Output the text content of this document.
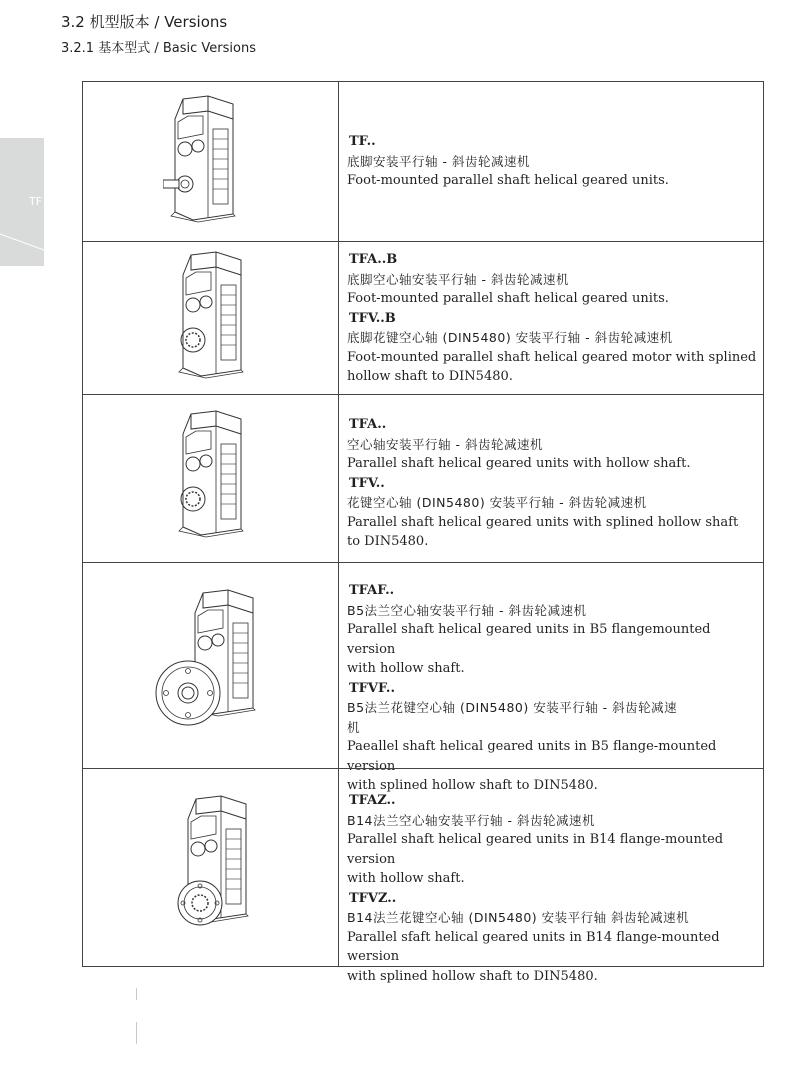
3.2 机型版本 / Versions
3.2.1 基本型式 / Basic Versions
TF
TF..
底脚安装平行轴 - 斜齿轮减速机
Foot-mounted parallel shaft helical geared units.
TFA..B
底脚空心轴安装平行轴 - 斜齿轮减速机
Foot-mounted parallel shaft helical geared units.
TFV..B
底脚花键空心轴 (DIN5480) 安装平行轴 - 斜齿轮减速机
Foot-mounted parallel shaft helical geared motor with splined
hollow shaft to DIN5480.
TFA..
空心轴安装平行轴 - 斜齿轮减速机
Parallel shaft helical geared units with hollow shaft.
TFV..
花键空心轴 (DIN5480) 安装平行轴 - 斜齿轮减速机
Parallel shaft helical geared units with splined hollow shaft
to DIN5480.
TFAF..
B5法兰空心轴安装平行轴 - 斜齿轮减速机
Parallel shaft helical geared units in B5 flangemounted version
with hollow shaft.
TFVF..
B5法兰花键空心轴 (DIN5480) 安装平行轴 - 斜齿轮减速
机
Paeallel shaft helical geared units in B5 flange-mounted version
with splined hollow shaft to DIN5480.
TFAZ..
B14法兰空心轴安装平行轴 - 斜齿轮减速机
Parallel shaft helical geared units in B14 flange-mounted version
with hollow shaft.
TFVZ..
B14法兰花键空心轴 (DIN5480) 安装平行轴 斜齿轮减速机
Parallel sfaft helical geared units in B14 flange-mounted wersion
with splined hollow shaft to DIN5480.
